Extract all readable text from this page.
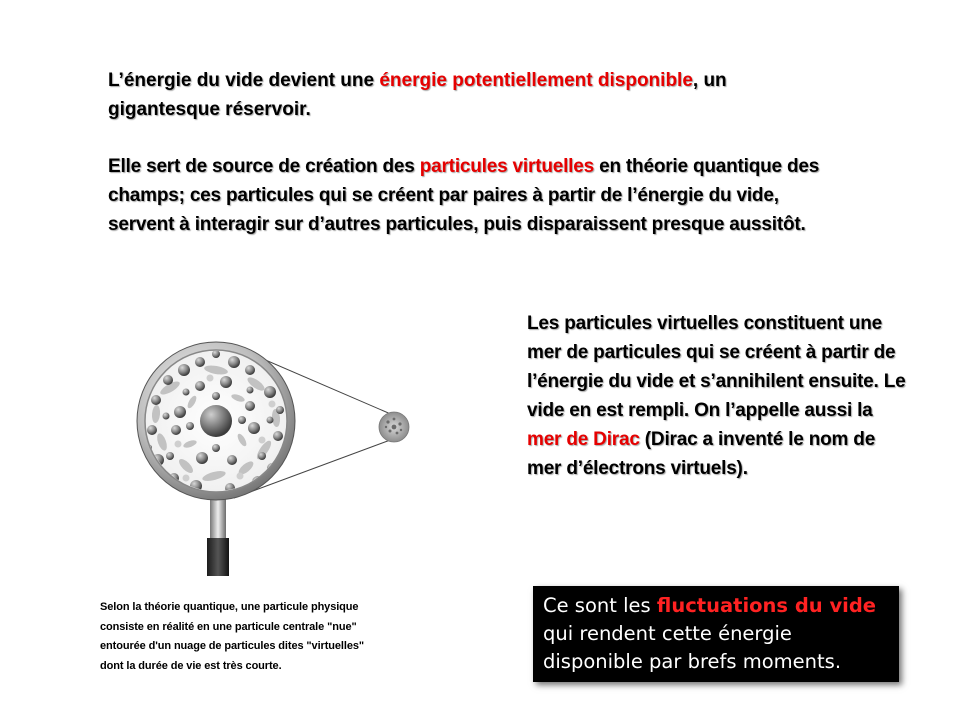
L’énergie du vide devient une énergie potentiellement disponible, un gigantesque réservoir.
Elle sert de source de création des particules virtuelles en théorie quantique des champs; ces particules qui se créent par paires à partir de l’énergie du vide, servent à interagir sur d’autres particules, puis disparaissent presque aussitôt.
Les particules virtuelles constituent une mer de particules qui se créent à partir de l’énergie du vide et s’annihilent ensuite. Le vide en est rempli. On l’appelle aussi la mer de Dirac (Dirac a inventé le nom de mer d’électrons virtuels).
Selon la théorie quantique, une particule physique
consiste en réalité en une particule centrale "nue"
entourée d'un nuage de particules dites "virtuelles"
dont la durée de vie est très courte.
Ce sont les fluctuations du vide qui rendent cette énergie disponible par brefs moments.
